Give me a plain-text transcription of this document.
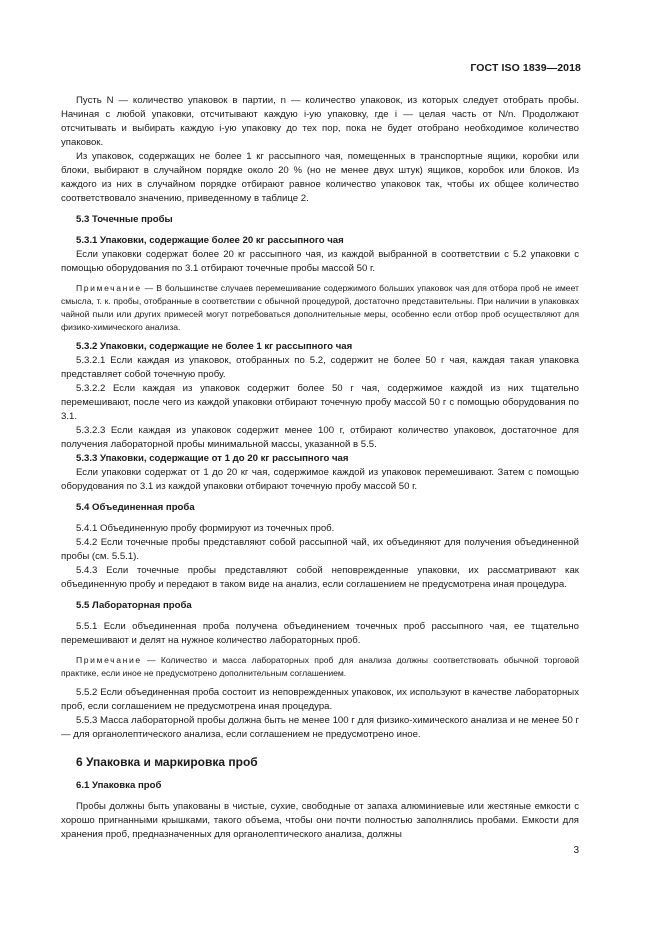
ГОСТ ISO 1839—2018

Пусть N — количество упаковок в партии, n — количество упаковок, из которых следует отобрать пробы. Начиная с любой упаковки, отсчитывают каждую i-ую упаковку, где i — целая часть от N/n. Продолжают отсчитывать и выбирать каждую i-ую упаковку до тех пор, пока не будет отобрано необходимое количество упаковок.

Из упаковок, содержащих не более 1 кг рассыпного чая, помещенных в транспортные ящики, коробки или блоки, выбирают в случайном порядке около 20 % (но не менее двух штук) ящиков, коробок или блоков. Из каждого из них в случайном порядке отбирают равное количество упаковок так, чтобы их общее количество соответствовало значению, приведенному в таблице 2.

5.3 Точечные пробы

5.3.1 Упаковки, содержащие более 20 кг рассыпного чая

Если упаковки содержат более 20 кг рассыпного чая, из каждой выбранной в соответствии с 5.2 упаковки с помощью оборудования по 3.1 отбирают точечные пробы массой 50 г.

Примечание — В большинстве случаев перемешивание содержимого больших упаковок чая для отбора проб не имеет смысла, т. к. пробы, отобранные в соответствии с обычной процедурой, достаточно представительны. При наличии в упаковках чайной пыли или других примесей могут потребоваться дополнительные меры, особенно если отбор проб осуществляют для физико-химического анализа.

5.3.2 Упаковки, содержащие не более 1 кг рассыпного чая

5.3.2.1 Если каждая из упаковок, отобранных по 5.2, содержит не более 50 г чая, каждая такая упаковка представляет собой точечную пробу.

5.3.2.2 Если каждая из упаковок содержит более 50 г чая, содержимое каждой из них тщательно перемешивают, после чего из каждой упаковки отбирают точечную пробу массой 50 г с помощью оборудования по 3.1.

5.3.2.3 Если каждая из упаковок содержит менее 100 г, отбирают количество упаковок, достаточное для получения лабораторной пробы минимальной массы, указанной в 5.5.

5.3.3 Упаковки, содержащие от 1 до 20 кг рассыпного чая

Если упаковки содержат от 1 до 20 кг чая, содержимое каждой из упаковок перемешивают. Затем с помощью оборудования по 3.1 из каждой упаковки отбирают точечную пробу массой 50 г.

5.4 Объединенная проба

5.4.1 Объединенную пробу формируют из точечных проб.

5.4.2 Если точечные пробы представляют собой рассыпной чай, их объединяют для получения объединенной пробы (см. 5.5.1).

5.4.3 Если точечные пробы представляют собой неповрежденные упаковки, их рассматривают как объединенную пробу и передают в таком виде на анализ, если соглашением не предусмотрена иная процедура.

5.5 Лабораторная проба

5.5.1 Если объединенная проба получена объединением точечных проб рассыпного чая, ее тщательно перемешивают и делят на нужное количество лабораторных проб.

Примечание — Количество и масса лабораторных проб для анализа должны соответствовать обычной торговой практике, если иное не предусмотрено дополнительным соглашением.

5.5.2 Если объединенная проба состоит из неповрежденных упаковок, их используют в качестве лабораторных проб, если соглашением не предусмотрена иная процедура.

5.5.3 Масса лабораторной пробы должна быть не менее 100 г для физико-химического анализа и не менее 50 г — для органолептического анализа, если соглашением не предусмотрено иное.

6 Упаковка и маркировка проб

6.1 Упаковка проб

Пробы должны быть упакованы в чистые, сухие, свободные от запаха алюминиевые или жестяные емкости с хорошо пригнанными крышками, такого объема, чтобы они почти полностью заполнялись пробами. Емкости для хранения проб, предназначенных для органолептического анализа, должны

3
